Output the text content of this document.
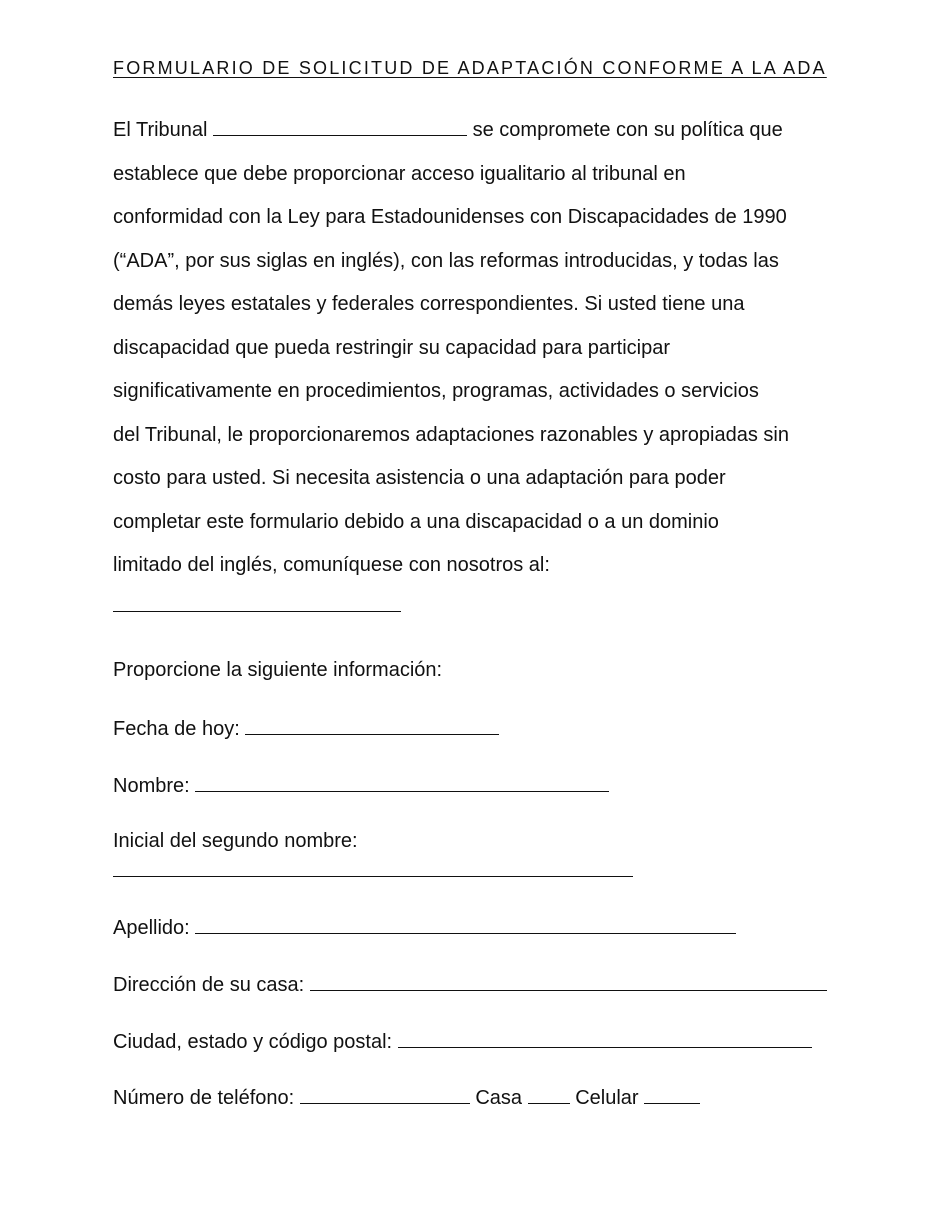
FORMULARIO DE SOLICITUD DE ADAPTACIÓN CONFORME A LA ADA

El Tribunal	se compromete con su política que

establece que debe proporcionar acceso igualitario al tribunal en

conformidad con la Ley para Estadounidenses con Discapacidades de 1990

(“ADA”, por sus siglas en inglés), con las reformas introducidas, y todas las

demás leyes estatales y federales correspondientes. Si usted tiene una

discapacidad que pueda restringir su capacidad para participar

significativamente en procedimientos, programas, actividades o servicios

del Tribunal, le proporcionaremos adaptaciones razonables y apropiadas sin

costo para usted. Si necesita asistencia o una adaptación para poder

completar este formulario debido a una discapacidad o a un dominio

limitado del inglés, comuníquese con nosotros al:

Proporcione la siguiente información:
Fecha de hoy:
Nombre:
Inicial del segundo nombre:
Apellido:
Dirección de su casa:
Ciudad, estado y código postal:
Número de teléfono:	Casa	Celular
